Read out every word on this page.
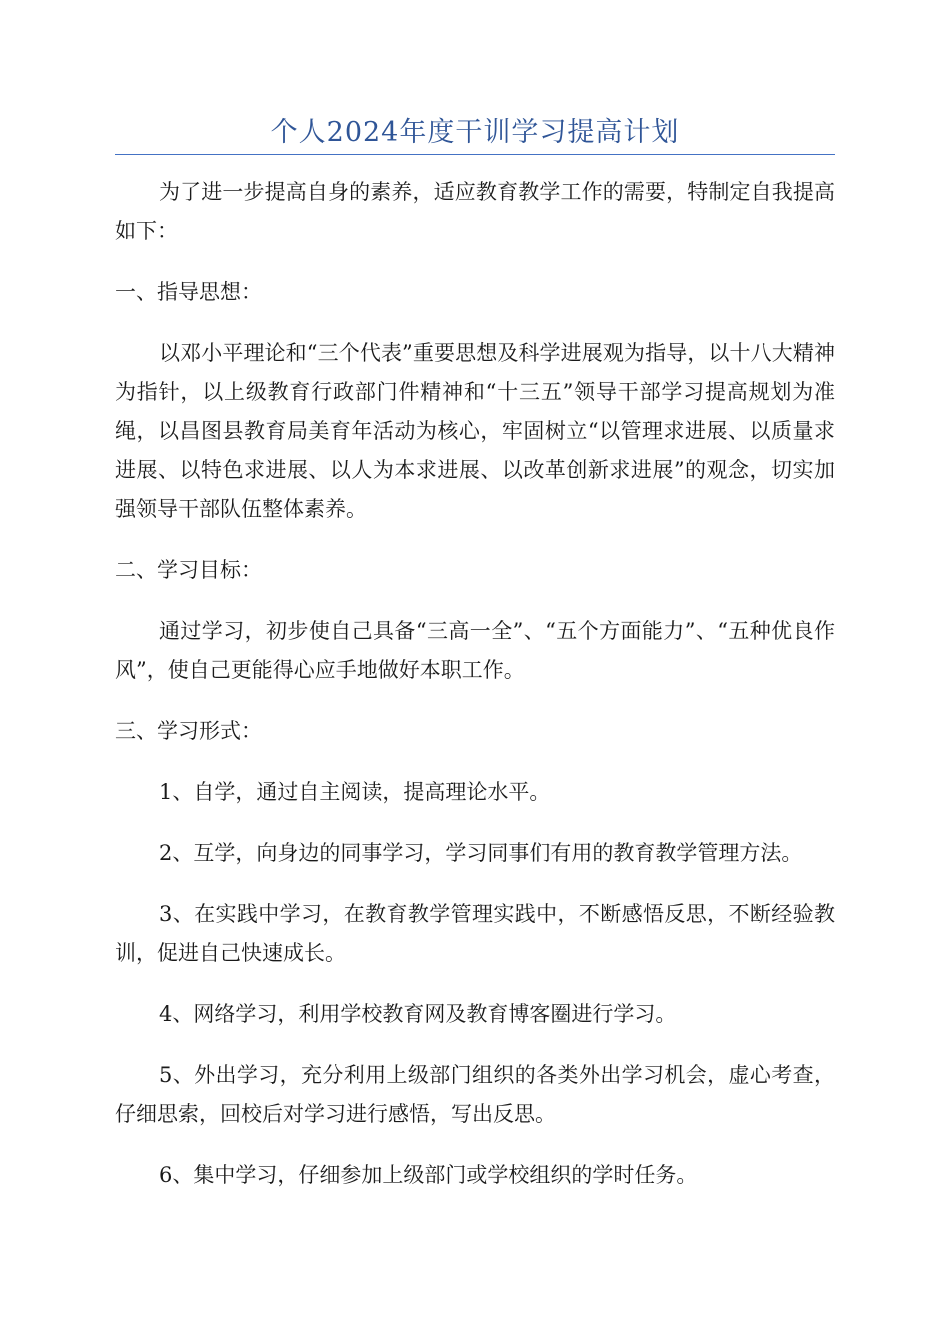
个人2024年度干训学习提高计划

为了进一步提高自身的素养，适应教育教学工作的需要，特制定自我提高如下：

一、指导思想：

以邓小平理论和“三个代表”重要思想及科学进展观为指导，以十八大精神为指针，以上级教育行政部门件精神和“十三五”领导干部学习提高规划为准绳，以昌图县教育局美育年活动为核心，牢固树立“以管理求进展、以质量求进展、以特色求进展、以人为本求进展、以改革创新求进展”的观念，切实加强领导干部队伍整体素养。

二、学习目标：

通过学习，初步使自己具备“三高一全”、“五个方面能力”、“五种优良作风”，使自己更能得心应手地做好本职工作。

三、学习形式：

1、自学，通过自主阅读，提高理论水平。

2、互学，向身边的同事学习，学习同事们有用的教育教学管理方法。

3、在实践中学习，在教育教学管理实践中，不断感悟反思，不断经验教训，促进自己快速成长。

4、网络学习，利用学校教育网及教育博客圈进行学习。

5、外出学习，充分利用上级部门组织的各类外出学习机会，虚心考查，仔细思索，回校后对学习进行感悟，写出反思。

6、集中学习，仔细参加上级部门或学校组织的学时任务。
